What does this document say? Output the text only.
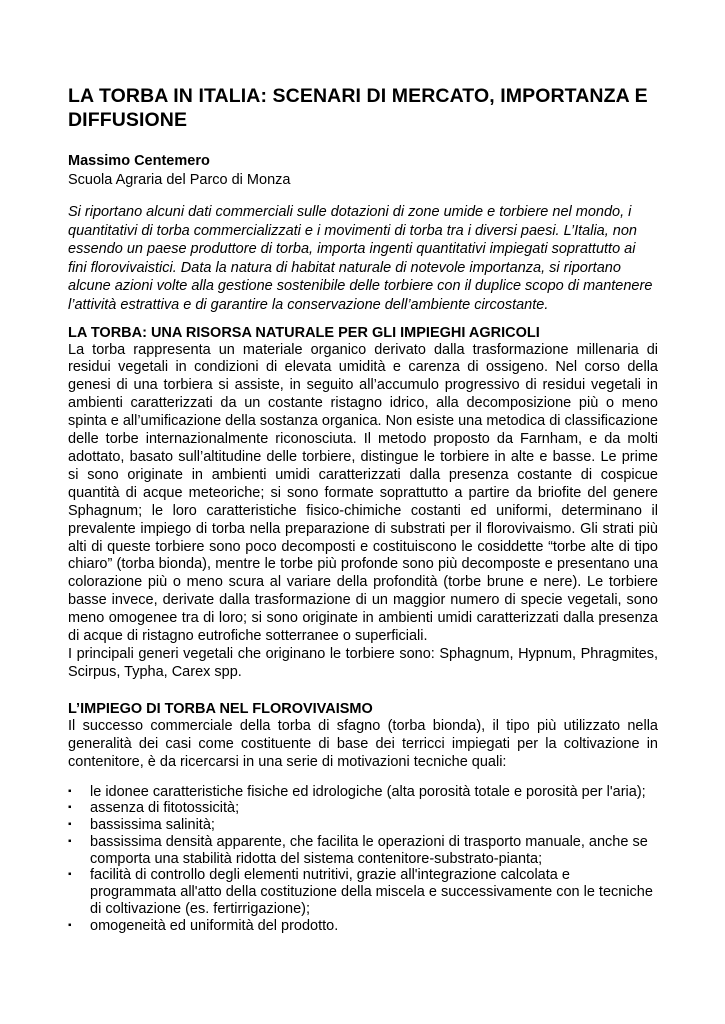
LA TORBA IN ITALIA: SCENARI DI MERCATO, IMPORTANZA E DIFFUSIONE

Massimo Centemero

Scuola Agraria del Parco di Monza

Si riportano alcuni dati commerciali sulle dotazioni di zone umide e torbiere nel mondo, i quantitativi di torba commercializzati e i movimenti di torba tra i diversi paesi. L’Italia, non essendo un paese produttore di torba, importa ingenti quantitativi impiegati soprattutto ai fini florovivaistici. Data la natura di habitat naturale di notevole importanza, si riportano alcune azioni volte alla gestione sostenibile delle torbiere con il duplice scopo di mantenere l’attività estrattiva e di garantire la conservazione dell’ambiente circostante.

LA TORBA: UNA RISORSA NATURALE PER GLI IMPIEGHI AGRICOLI

La torba rappresenta un materiale organico derivato dalla trasformazione millenaria di residui vegetali in condizioni di elevata umidità e carenza di ossigeno. Nel corso della genesi di una torbiera si assiste, in seguito all’accumulo progressivo di residui vegetali in ambienti caratterizzati da un costante ristagno idrico, alla decomposizione più o meno spinta e all’umificazione della sostanza organica. Non esiste una metodica di classificazione delle torbe internazionalmente riconosciuta. Il metodo proposto da Farnham, e da molti adottato, basato sull’altitudine delle torbiere, distingue le torbiere in alte e basse. Le prime si sono originate in ambienti umidi caratterizzati dalla presenza costante di cospicue quantità di acque meteoriche; si sono formate soprattutto a partire da briofite del genere Sphagnum; le loro caratteristiche fisico-chimiche costanti ed uniformi, determinano il prevalente impiego di torba nella preparazione di substrati per il florovivaismo. Gli strati più alti di queste torbiere sono poco decomposti e costituiscono le cosiddette “torbe alte di tipo chiaro” (torba bionda), mentre le torbe più profonde sono più decomposte e presentano una colorazione più o meno scura al variare della profondità (torbe brune e nere). Le torbiere basse invece, derivate dalla trasformazione di un maggior numero di specie vegetali, sono meno omogenee tra di loro; si sono originate in ambienti umidi caratterizzati dalla presenza di acque di ristagno eutrofiche sotterranee o superficiali.

I principali generi vegetali che originano le torbiere sono: Sphagnum, Hypnum, Phragmites, Scirpus, Typha, Carex spp.

L’IMPIEGO DI TORBA NEL FLOROVIVAISMO

Il successo commerciale della torba di sfagno (torba bionda), il tipo più utilizzato nella generalità dei casi come costituente di base dei terricci impiegati per la coltivazione in contenitore, è da ricercarsi in una serie di motivazioni tecniche quali:

▪ le idonee caratteristiche fisiche ed idrologiche (alta porosità totale e porosità per l'aria);
▪ assenza di fitotossicità;
▪ bassissima salinità;
▪ bassissima densità apparente, che facilita le operazioni di trasporto manuale, anche se comporta una stabilità ridotta del sistema contenitore-substrato-pianta;
▪ facilità di controllo degli elementi nutritivi, grazie all'integrazione calcolata e programmata all'atto della costituzione della miscela e successivamente con le tecniche di coltivazione (es. fertirrigazione);
▪ omogeneità ed uniformità del prodotto.
